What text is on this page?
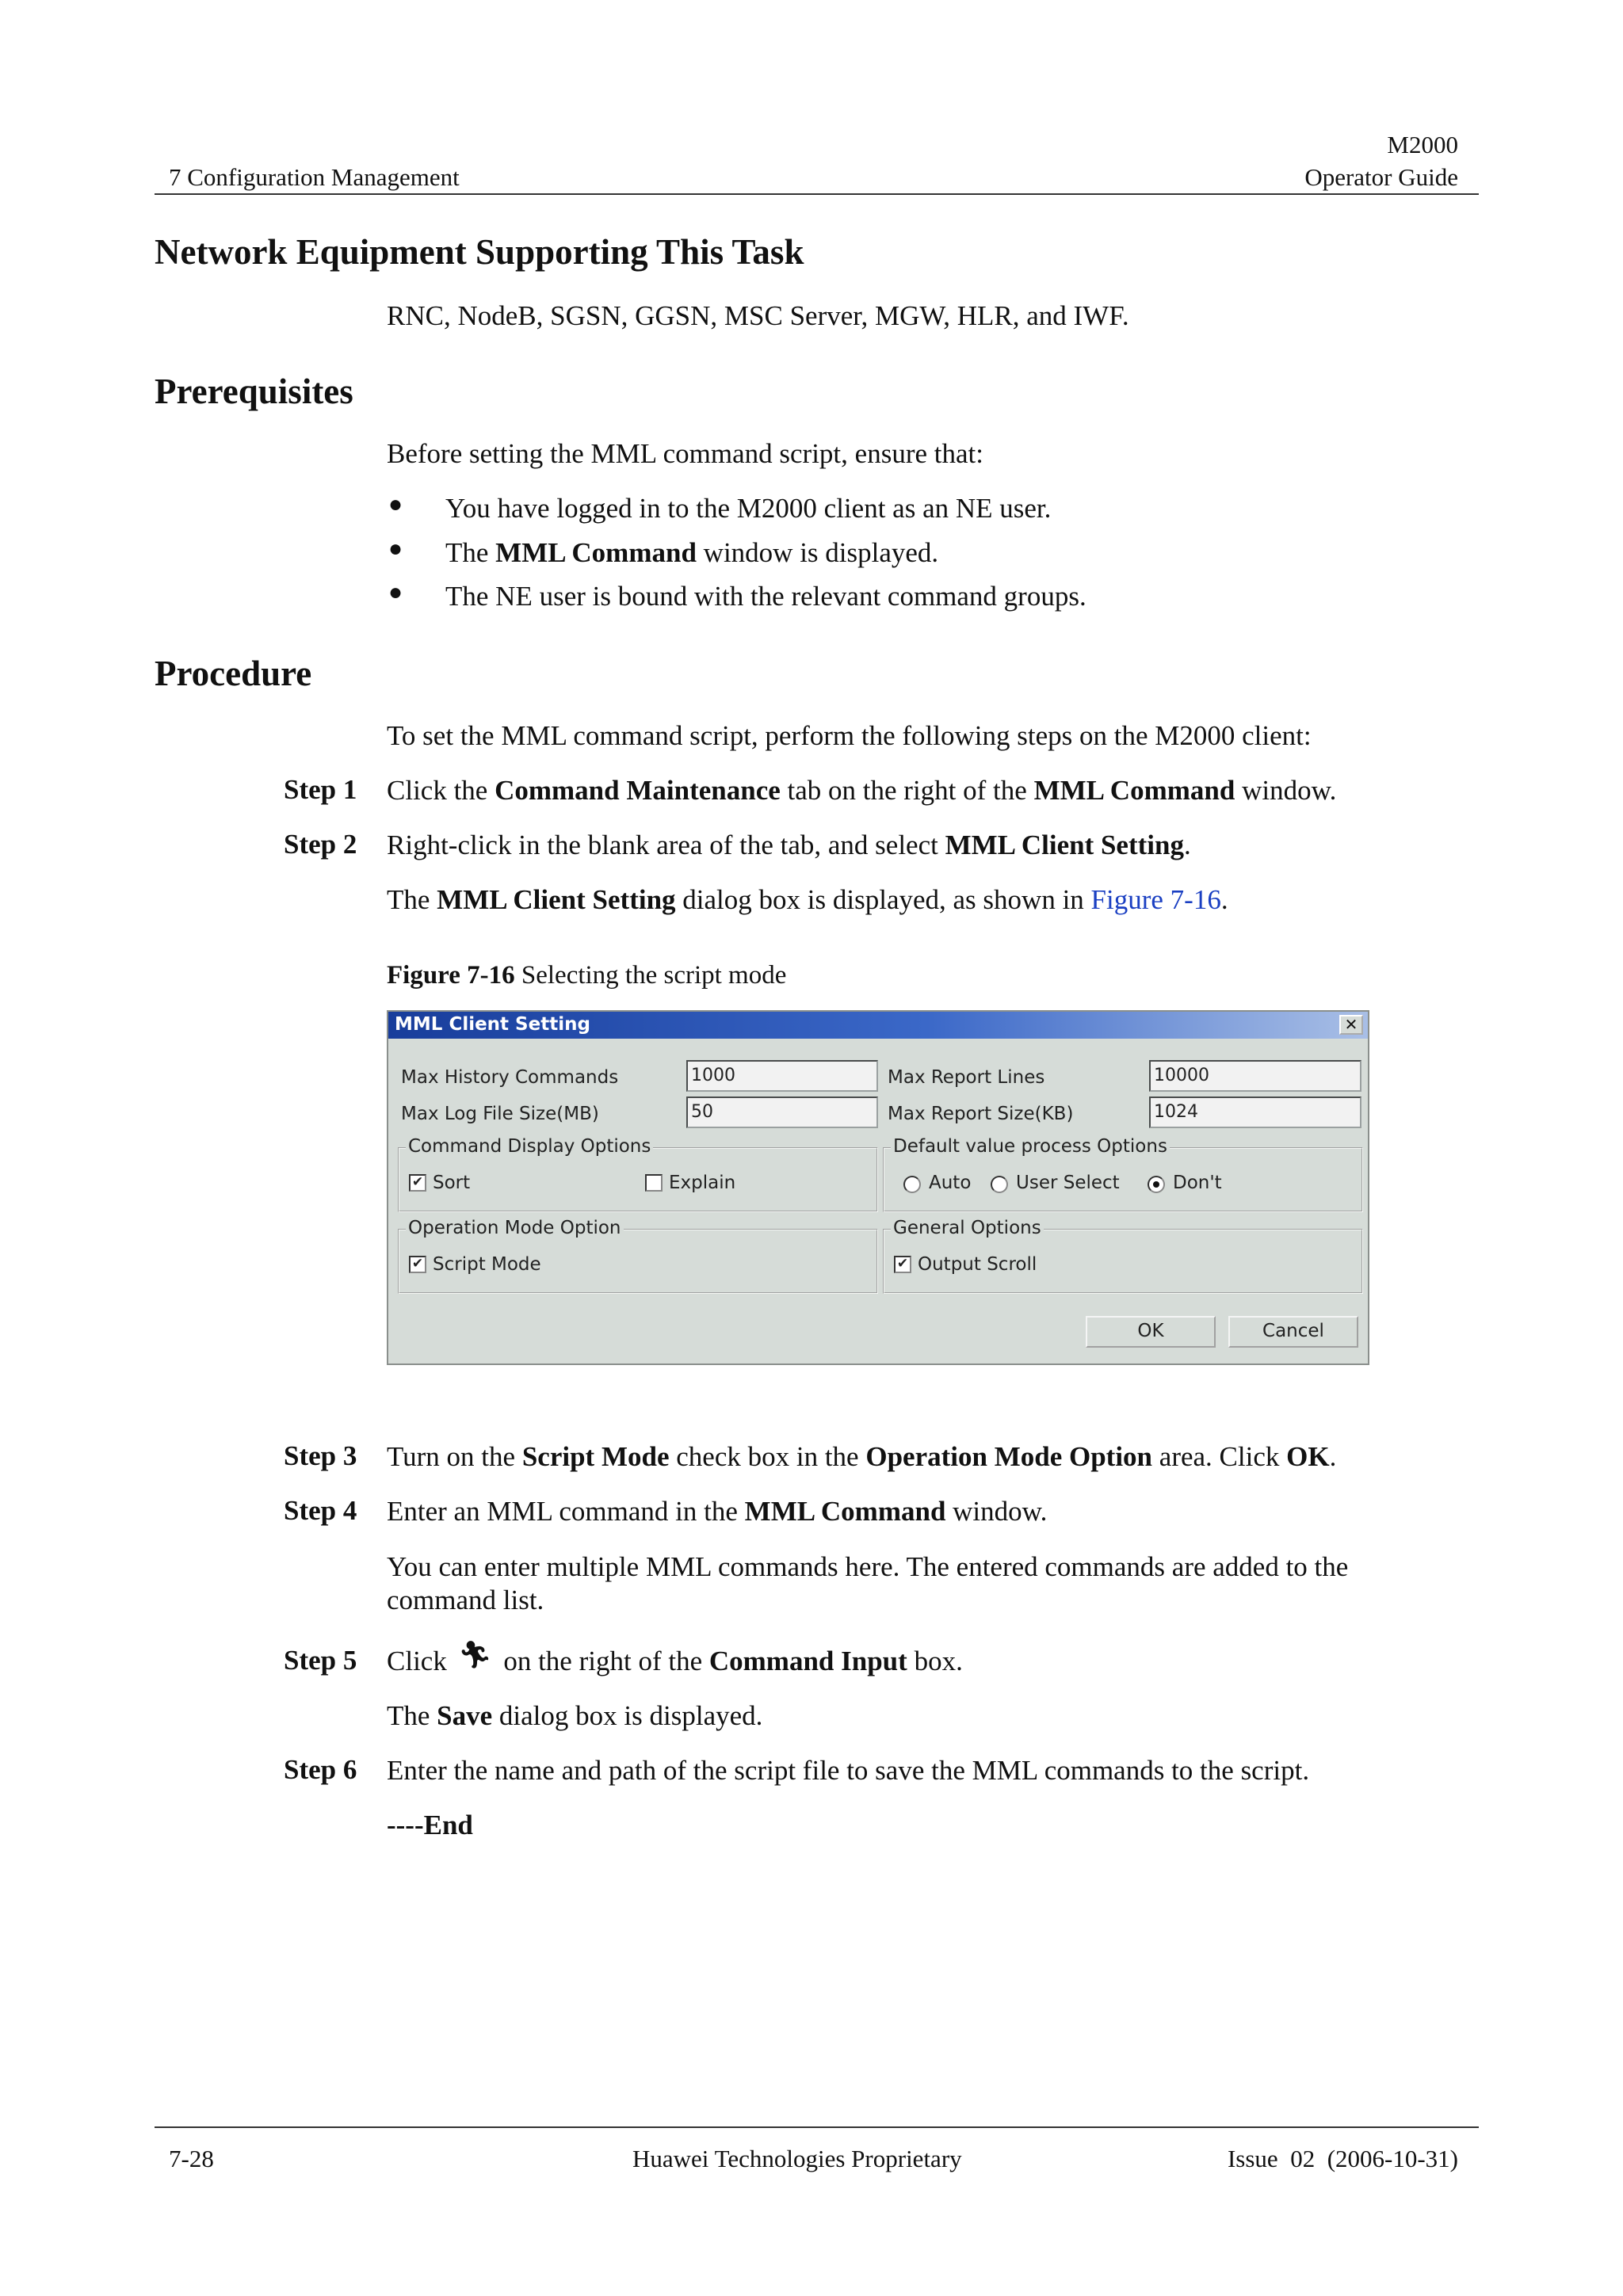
M2000
7 Configuration Management	Operator Guide
Network Equipment Supporting This Task
RNC, NodeB, SGSN, GGSN, MSC Server, MGW, HLR, and IWF.
Prerequisites
Before setting the MML command script, ensure that:
● You have logged in to the M2000 client as an NE user.
● The MML Command window is displayed.
● The NE user is bound with the relevant command groups.
Procedure
To set the MML command script, perform the following steps on the M2000 client:
Step 1 Click the Command Maintenance tab on the right of the MML Command window.
Step 2 Right-click in the blank area of the tab, and select MML Client Setting.
The MML Client Setting dialog box is displayed, as shown in Figure 7-16.
Figure 7-16 Selecting the script mode
MML Client Setting	✕
Max History Commands	1000
Max Log File Size(MB)	50
Max Report Lines	10000
Max Report Size(KB)	1024
Command Display Options
✔ Sort	Explain
Default value process Options
Auto User Select	Don't
Operation Mode Option
✔ Script Mode
General Options
✔ Output Scroll
OK	Cancel
Step 3 Turn on the Script Mode check box in the Operation Mode Option area. Click OK.
Step 4 Enter an MML command in the MML Command window.
You can enter multiple MML commands here. The entered commands are added to the command list.
Step 5 Click 🏃︎ on the right of the Command Input box.
The Save dialog box is displayed.
Step 6 Enter the name and path of the script file to save the MML commands to the script.
----End
7-28	Huawei Technologies Proprietary	Issue  02  (2006-10-31)
